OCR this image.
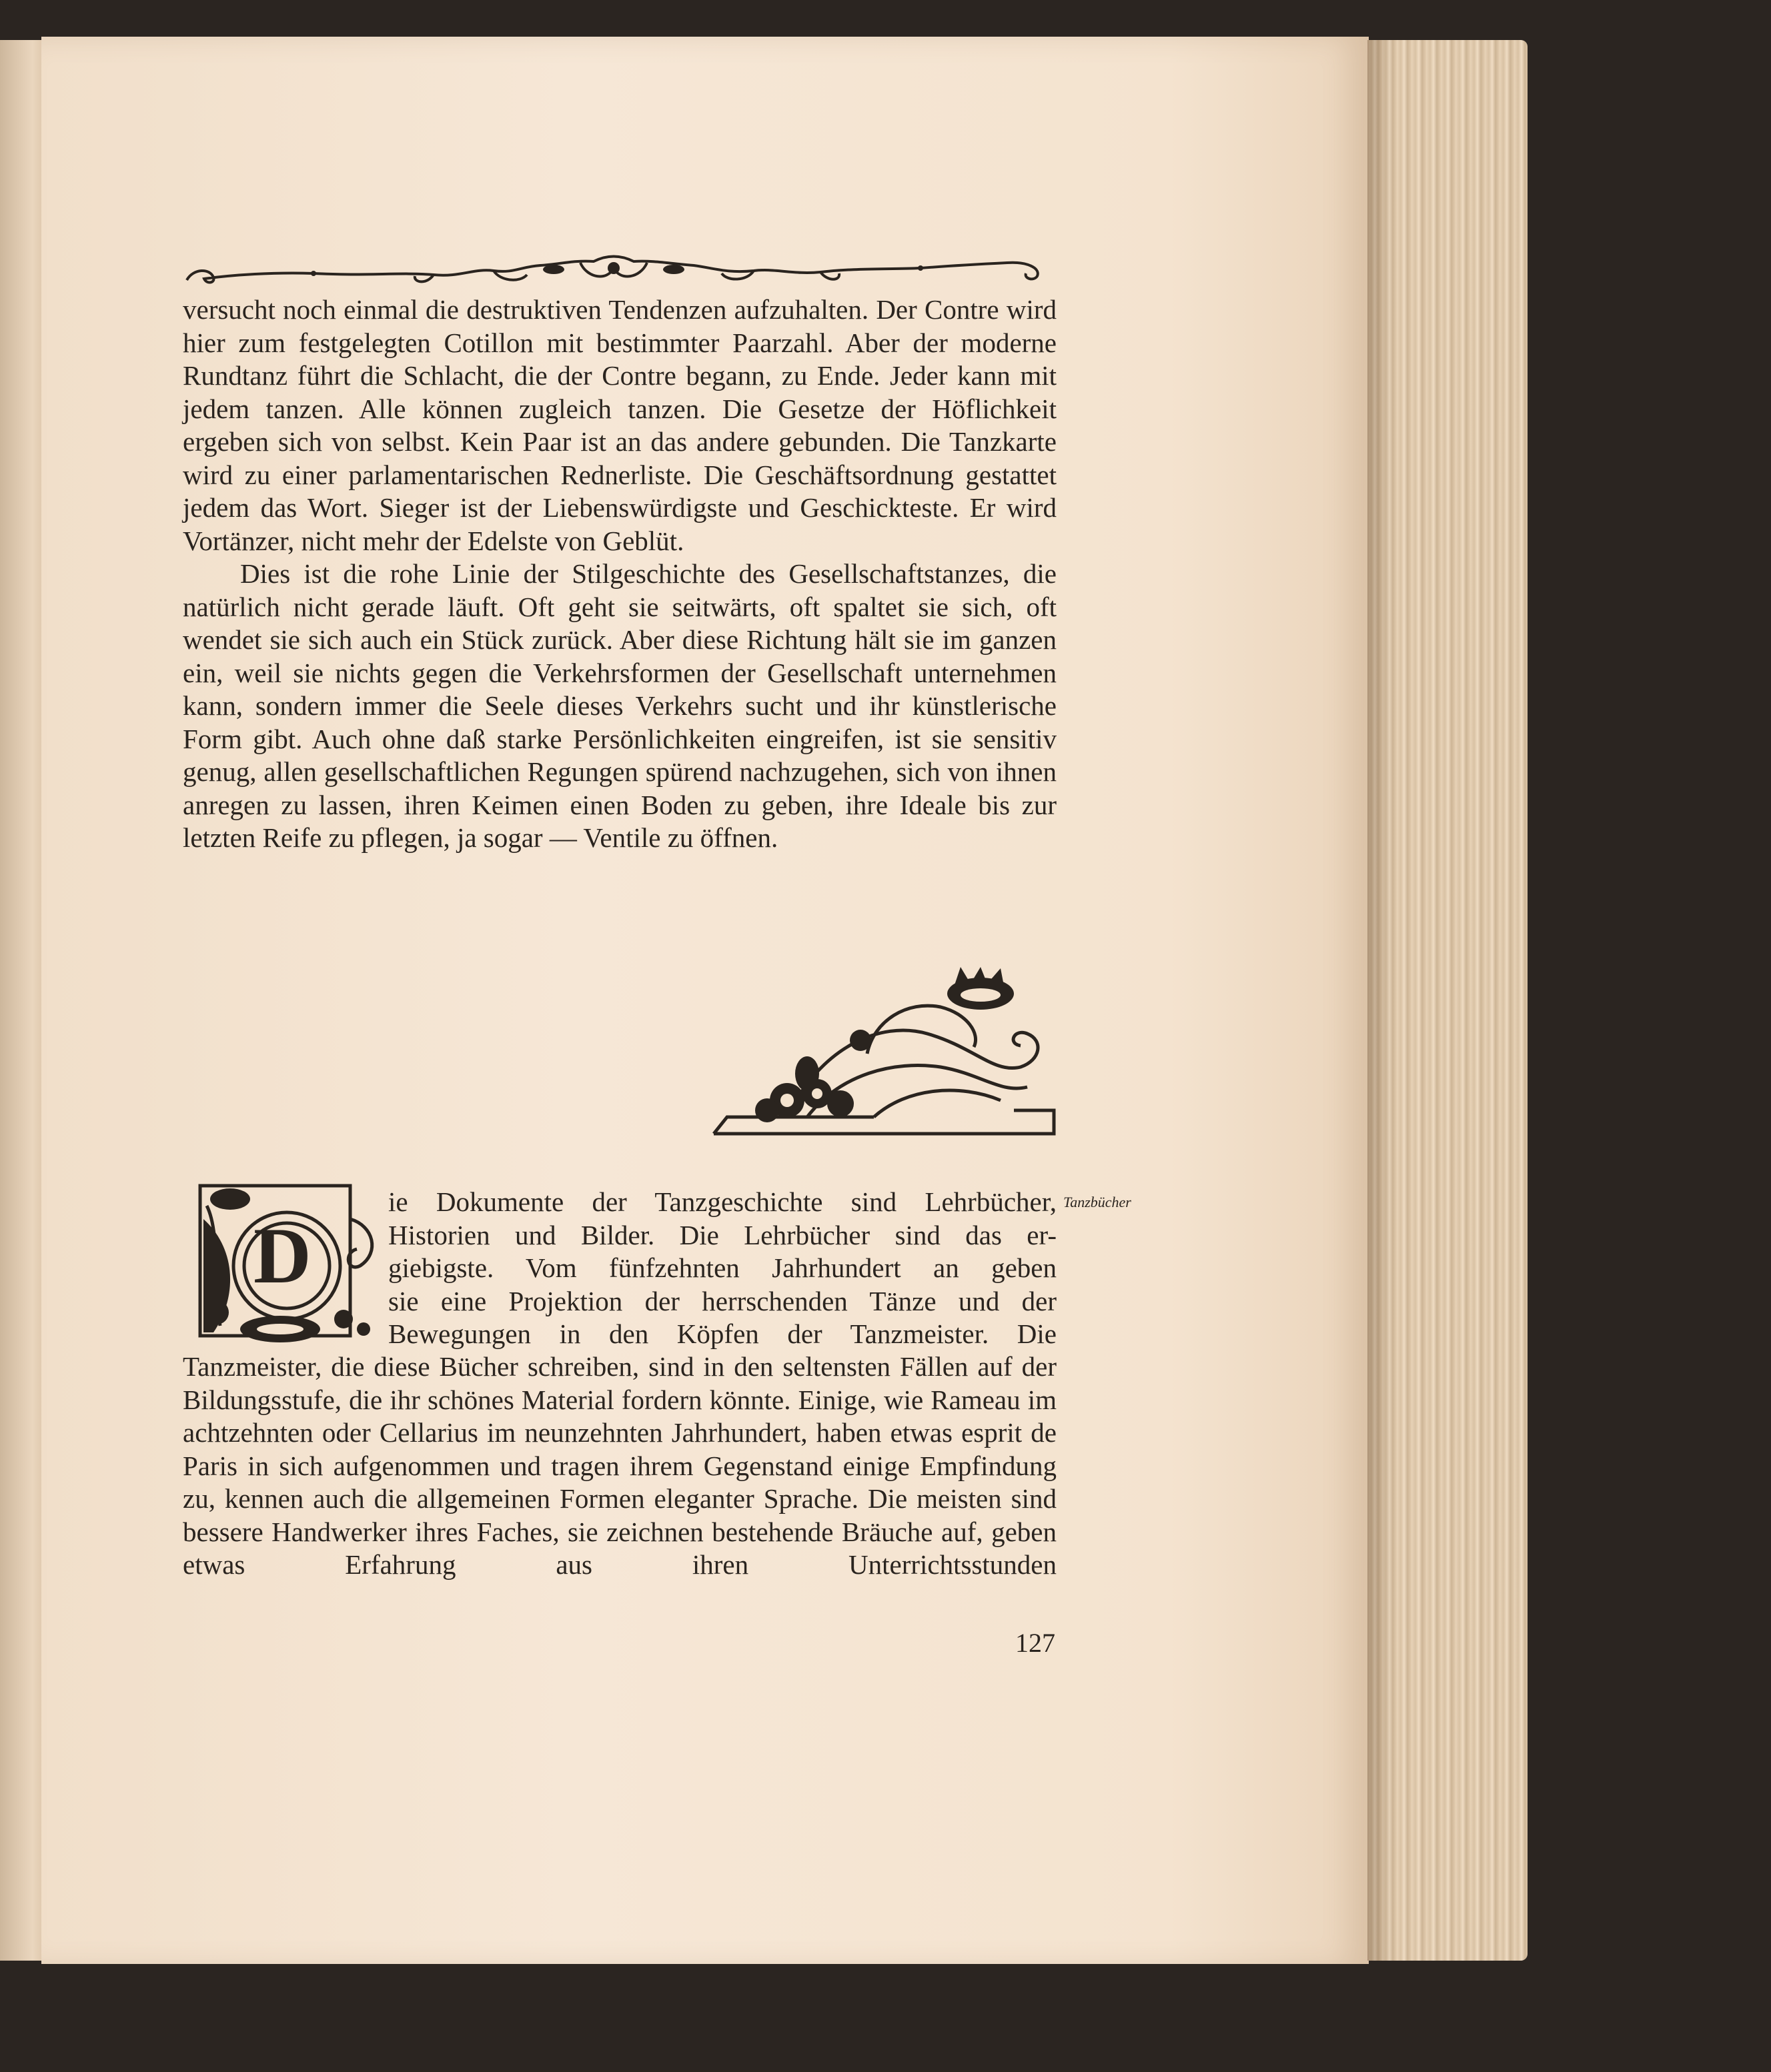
versucht noch einmal die destruktiven Tendenzen aufzuhalten. Der Contre wird hier zum festgelegten Cotillon mit bestimmter Paarzahl. Aber der moderne Rundtanz führt die Schlacht, die der Contre begann, zu Ende. Jeder kann mit jedem tanzen. Alle können zugleich tanzen. Die Gesetze der Höflichkeit ergeben sich von selbst. Kein Paar ist an das andere gebunden. Die Tanzkarte wird zu einer parlamentarischen Rednerliste. Die Geschäftsordnung gestattet jedem das Wort. Sieger ist der Liebenswürdigste und Geschickteste. Er wird Vortänzer, nicht mehr der Edelste von Geblüt.

Dies ist die rohe Linie der Stilgeschichte des Gesellschaftstanzes, die natürlich nicht gerade läuft. Oft geht sie seitwärts, oft spaltet sie sich, oft wendet sie sich auch ein Stück zurück. Aber diese Richtung hält sie im ganzen ein, weil sie nichts gegen die Verkehrsformen der Gesellschaft unternehmen kann, sondern immer die Seele dieses Verkehrs sucht und ihr künstlerische Form gibt. Auch ohne daß starke Persönlichkeiten eingreifen, ist sie sensitiv genug, allen gesellschaftlichen Regungen spürend nachzugehen, sich von ihnen anregen zu lassen, ihren Keimen einen Boden zu geben, ihre Ideale bis zur letzten Reife zu pflegen, ja sogar — Ventile zu öffnen.

D
ie Dokumente der Tanzgeschichte sind Lehrbücher,
Historien und Bilder. Die Lehrbücher sind das er-
giebigste. Vom fünfzehnten Jahrhundert an geben
sie eine Projektion der herrschenden Tänze und der
Bewegungen in den Köpfen der Tanzmeister. Die
Tanzbücher

Tanzmeister, die diese Bücher schreiben, sind in den seltensten Fällen auf der Bildungsstufe, die ihr schönes Material fordern könnte. Einige, wie Rameau im achtzehnten oder Cellarius im neunzehnten Jahrhundert, haben etwas esprit de Paris in sich aufgenommen und tragen ihrem Gegenstand einige Empfindung zu, kennen auch die allgemeinen Formen eleganter Sprache. Die meisten sind bessere Handwerker ihres Faches, sie zeichnen bestehende Bräuche auf, geben etwas Erfahrung aus ihren Unterrichtsstunden

127
